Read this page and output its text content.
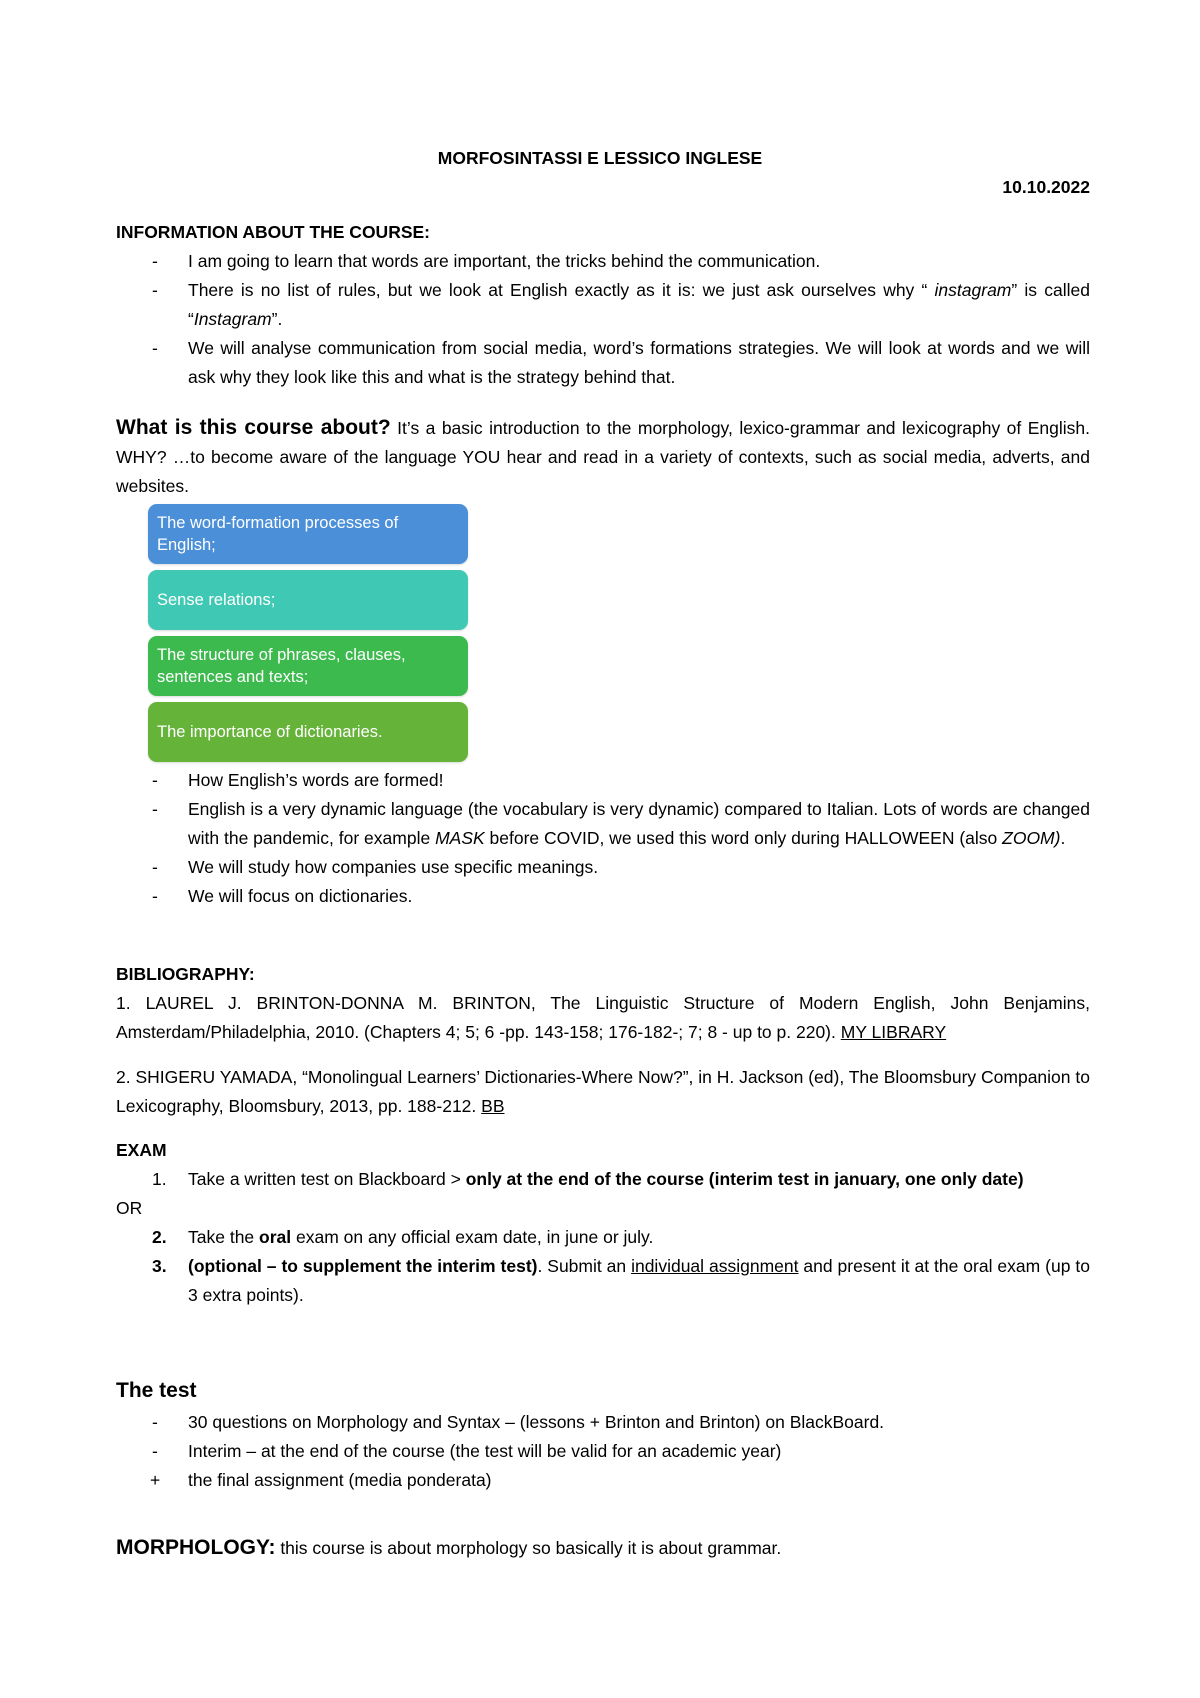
MORFOSINTASSI E LESSICO INGLESE
10.10.2022
INFORMATION ABOUT THE COURSE:
- I am going to learn that words are important, the tricks behind the communication.
- There is no list of rules, but we look at English exactly as it is: we just ask ourselves why “ instagram” is called “Instagram”.
- We will analyse communication from social media, word’s formations strategies. We will look at words and we will ask why they look like this and what is the strategy behind that.
What is this course about? It’s a basic introduction to the morphology, lexico-grammar and lexicography of English. WHY? …to become aware of the language YOU hear and read in a variety of contexts, such as social media, adverts, and websites.
The word-formation processes of English;
Sense relations;
The structure of phrases, clauses, sentences and texts;
The importance of dictionaries.
- How English’s words are formed!
- English is a very dynamic language (the vocabulary is very dynamic) compared to Italian. Lots of words are changed with the pandemic, for example MASK before COVID, we used this word only during HALLOWEEN (also ZOOM).
- We will study how companies use specific meanings.
- We will focus on dictionaries.
BIBLIOGRAPHY:
1. LAUREL J. BRINTON-DONNA M. BRINTON, The Linguistic Structure of Modern English, John Benjamins, Amsterdam/Philadelphia, 2010. (Chapters 4; 5; 6 -pp. 143-158; 176-182-; 7; 8 - up to p. 220). MY LIBRARY
2. SHIGERU YAMADA, “Monolingual Learners’ Dictionaries-Where Now?”, in H. Jackson (ed), The Bloomsbury Companion to Lexicography, Bloomsbury, 2013, pp. 188-212. BB
EXAM
1. Take a written test on Blackboard > only at the end of the course (interim test in january, one only date)
OR
2. Take the oral exam on any official exam date, in june or july.
3. (optional – to supplement the interim test). Submit an individual assignment and present it at the oral exam (up to 3 extra points).
The test
- 30 questions on Morphology and Syntax – (lessons + Brinton and Brinton) on BlackBoard.
- Interim – at the end of the course (the test will be valid for an academic year)
+ the final assignment (media ponderata)
MORPHOLOGY: this course is about morphology so basically it is about grammar.
